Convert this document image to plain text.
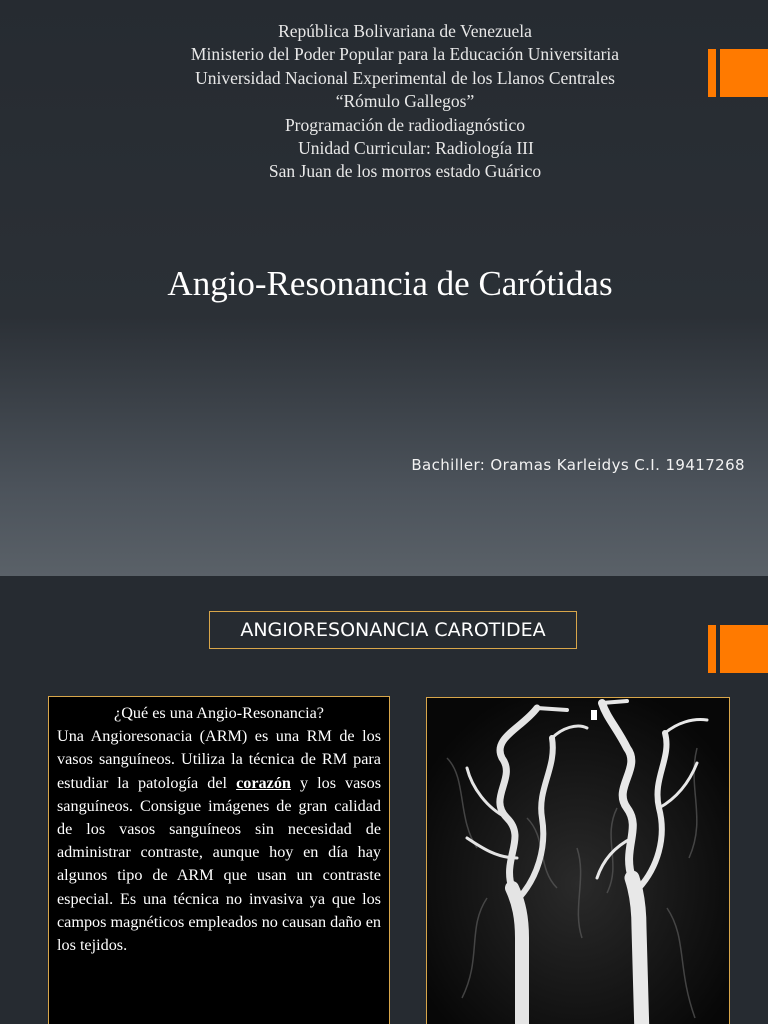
República Bolivariana de Venezuela
Ministerio del Poder Popular para la Educación Universitaria
Universidad Nacional Experimental de los Llanos Centrales
“Rómulo Gallegos”
Programación de radiodiagnóstico
Unidad Curricular: Radiología III
San Juan de los morros estado Guárico
Angio-Resonancia de Carótidas
Bachiller: Oramas Karleidys C.I. 19417268
ANGIORESONANCIA CAROTIDEA
¿Qué es una Angio-Resonancia?
Una Angioresonacia (ARM) es una RM de los vasos sanguíneos. Utiliza la técnica de RM para estudiar la patología del corazón y los vasos sanguíneos. Consigue imágenes de gran calidad de los vasos sanguíneos sin necesidad de administrar contraste, aunque hoy en día hay algunos tipo de ARM que usan un contraste especial. Es una técnica no invasiva ya que los campos magnéticos empleados no causan daño en los tejidos.
